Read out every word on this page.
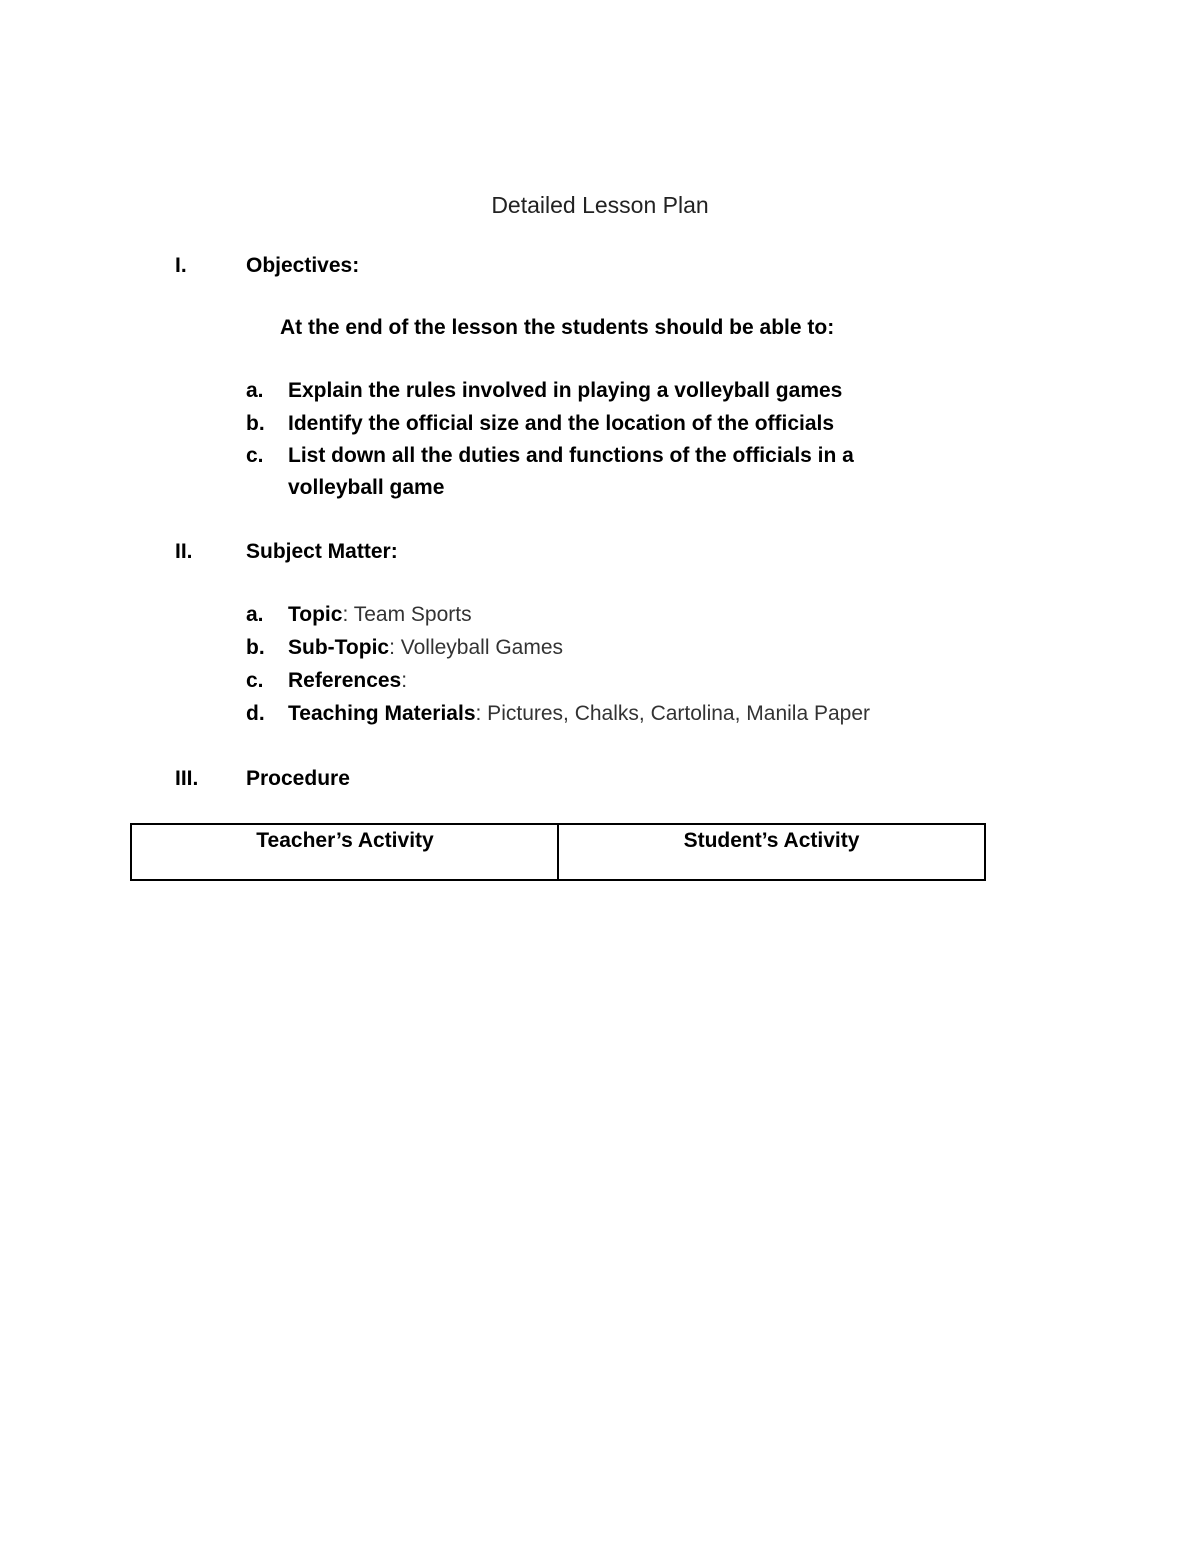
Detailed Lesson Plan
I.	Objectives:
At the end of the lesson the students should be able to:
a. Explain the rules involved in playing a volleyball games
b. Identify the official size and the location of the officials
c. List down all the duties and functions of the officials in a volleyball game
II.	Subject Matter:
a. Topic: Team Sports
b. Sub-Topic: Volleyball Games
c. References:
d. Teaching Materials: Pictures, Chalks, Cartolina, Manila Paper
III. Procedure
Teacher’s Activity	Student’s Activity
